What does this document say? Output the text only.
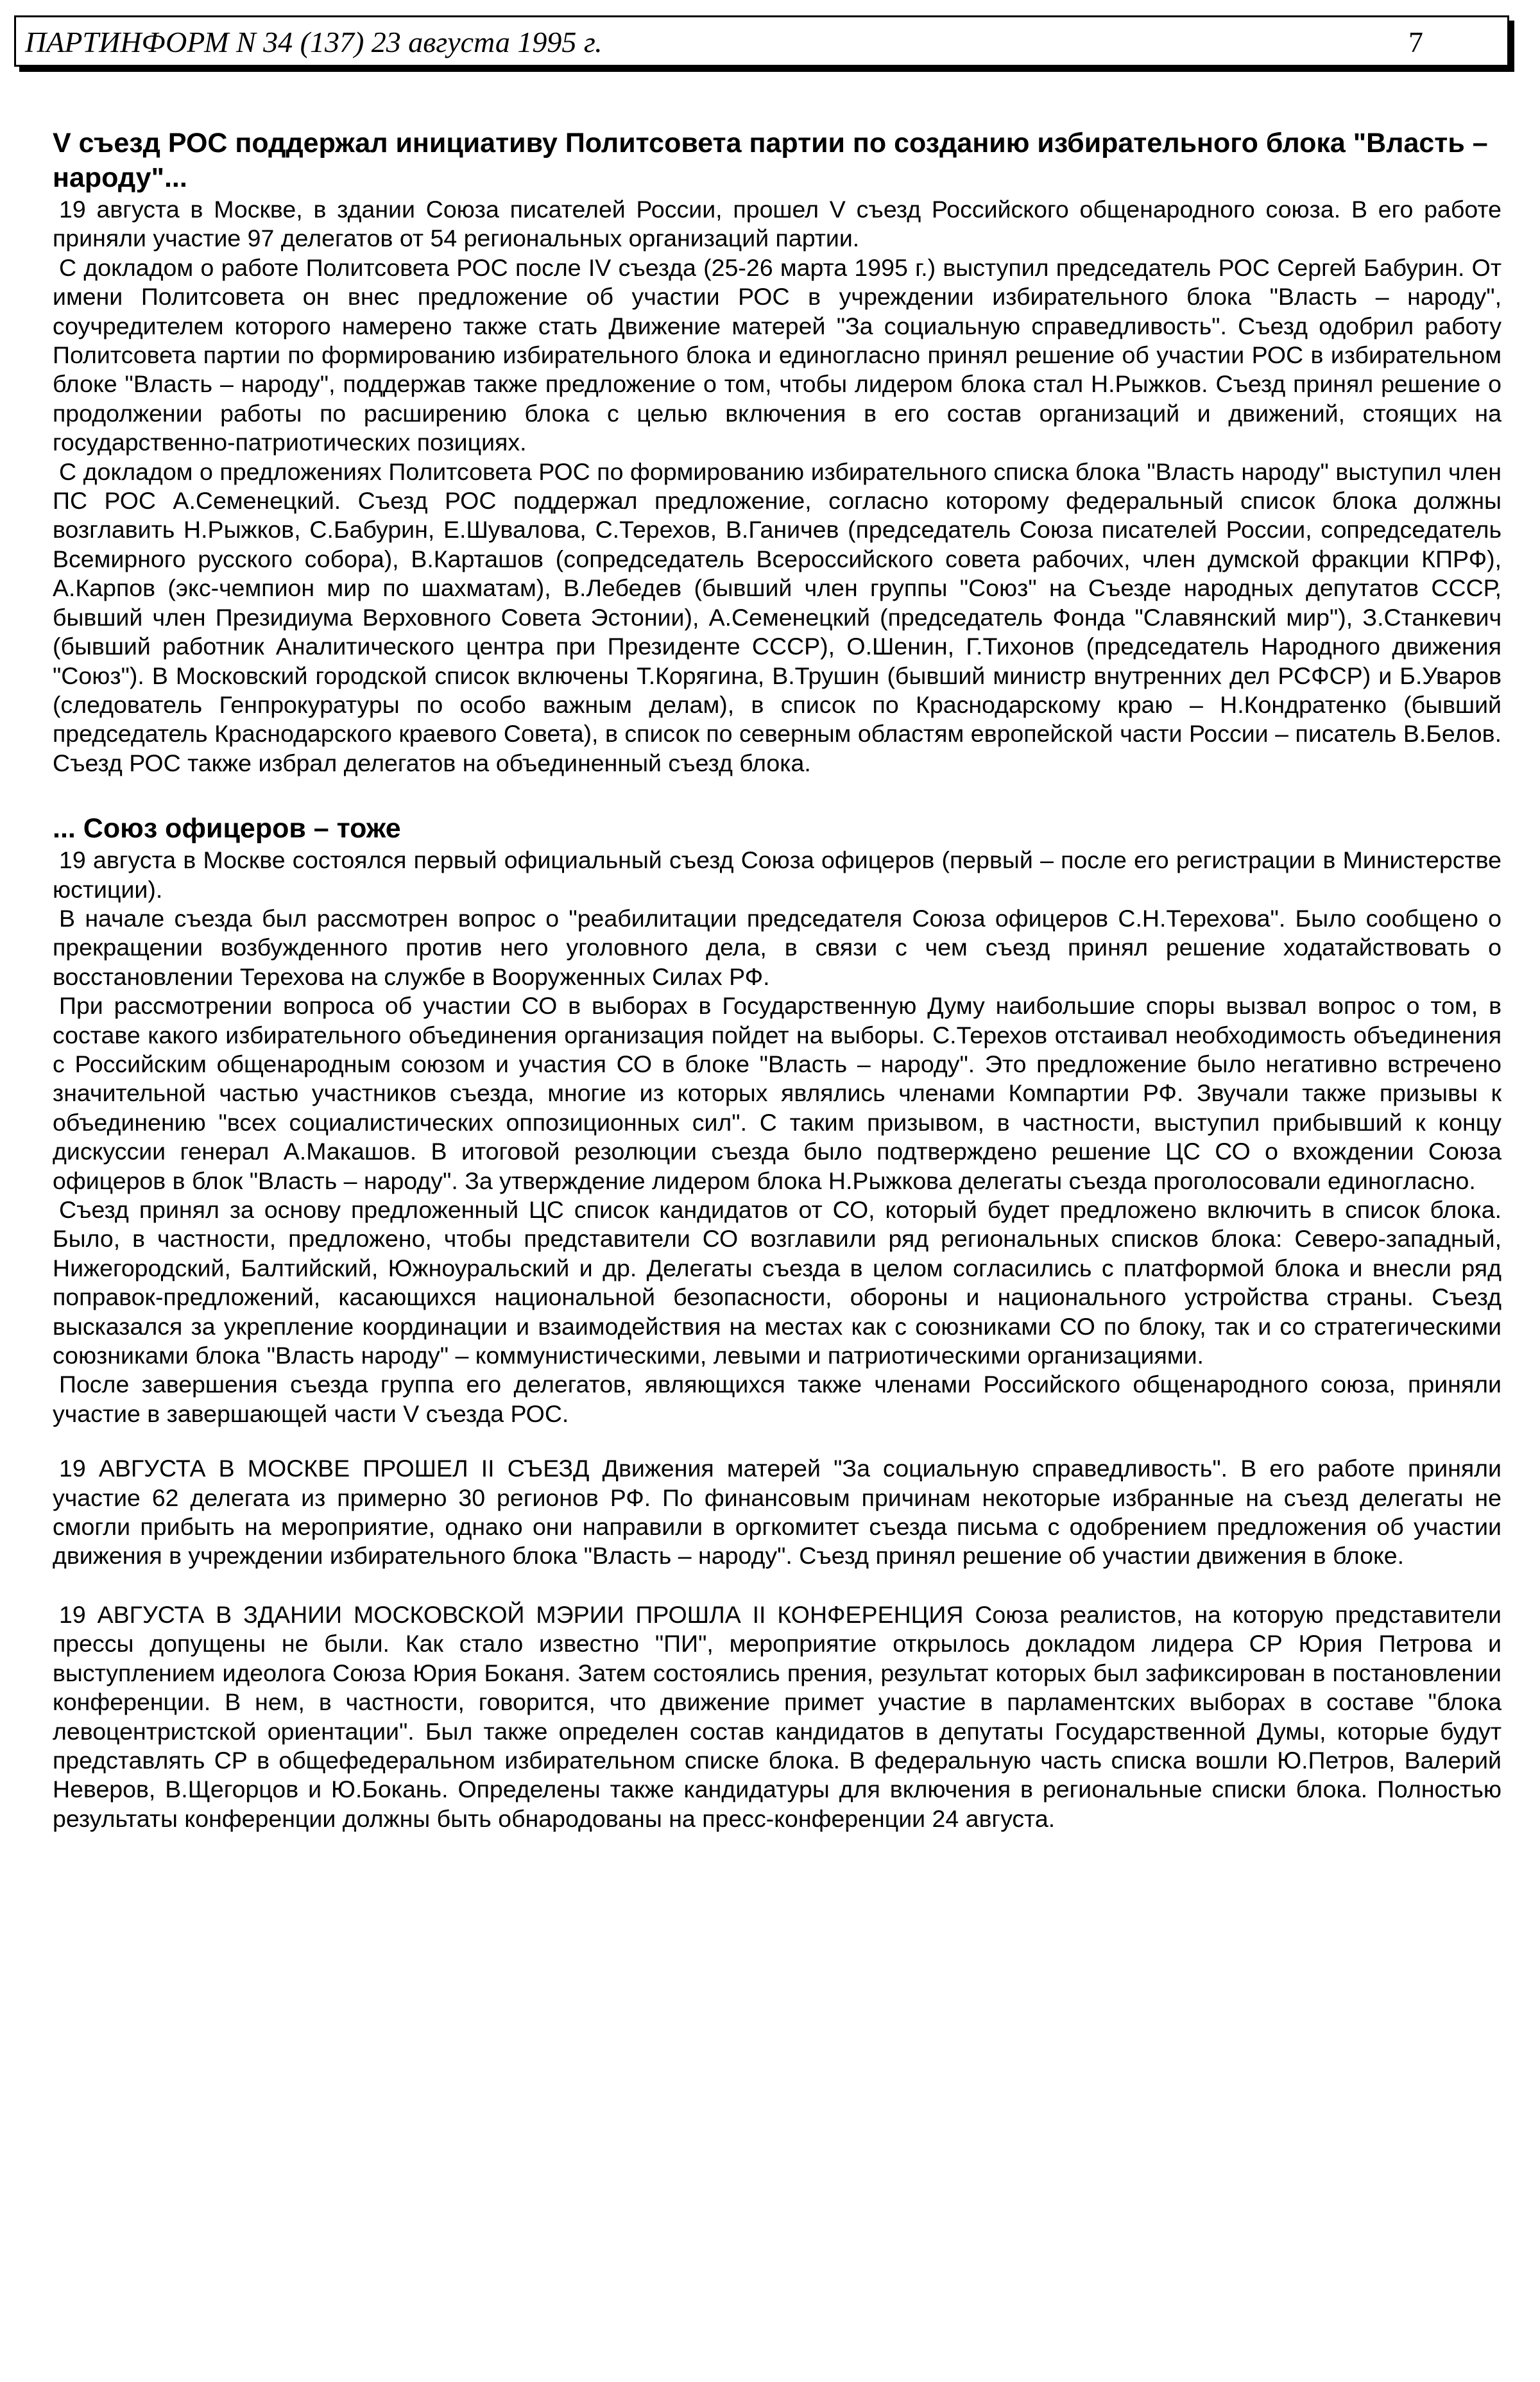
ПАРТИНФОРМ N 34 (137) 23 августа 1995 г.	7
V съезд РОС поддержал инициативу Политсовета партии по созданию избирательного блока "Власть – народу"...

19 августа в Москве, в здании Союза писателей России, прошел V съезд Российского общенародного союза. В его работе приняли участие 97 делегатов от 54 региональных организаций партии.

С докладом о работе Политсовета РОС после IV съезда (25-26 марта 1995 г.) выступил председатель РОС Сергей Бабурин. От имени Политсовета он внес предложение об участии РОС в учреждении избирательного блока "Власть – народу", соучредителем которого намерено также стать Движение матерей "За социальную справедливость". Съезд одобрил работу Политсовета партии по формированию избирательного блока и единогласно принял решение об участии РОС в избирательном блоке "Власть – народу", поддержав также предложение о том, чтобы лидером блока стал Н.Рыжков. Съезд принял решение о продолжении работы по расширению блока с целью включения в его состав организаций и движений, стоящих на государственно-патриотических позициях.

С докладом о предложениях Политсовета РОС по формированию избирательного списка блока "Власть народу" выступил член ПС РОС А.Семенецкий. Съезд РОС поддержал предложение, согласно которому федеральный список блока должны возглавить Н.Рыжков, С.Бабурин, Е.Шувалова, С.Терехов, В.Ганичев (председатель Союза писателей России, сопредседатель Всемирного русского собора), В.Карташов (сопредседатель Всероссийского совета рабочих, член думской фракции КПРФ), А.Карпов (экс-чемпион мир по шахматам), В.Лебедев (бывший член группы "Союз" на Съезде народных депутатов СССР, бывший член Президиума Верховного Совета Эстонии), А.Семенецкий (председатель Фонда "Славянский мир"), З.Станкевич (бывший работник Аналитического центра при Президенте СССР), О.Шенин, Г.Тихонов (председатель Народного движения "Союз"). В Московский городской список включены Т.Корягина, В.Трушин (бывший министр внутренних дел РСФСР) и Б.Уваров (следователь Генпрокуратуры по особо важным делам), в список по Краснодарскому краю – Н.Кондратенко (бывший председатель Краснодарского краевого Совета), в список по северным областям европейской части России – писатель В.Белов. Съезд РОС также избрал делегатов на объединенный съезд блока.

... Союз офицеров – тоже

19 августа в Москве состоялся первый официальный съезд Союза офицеров (первый – после его регистрации в Министерстве юстиции).

В начале съезда был рассмотрен вопрос о "реабилитации председателя Союза офицеров С.Н.Терехова". Было сообщено о прекращении возбужденного против него уголовного дела, в связи с чем съезд принял решение ходатайствовать о восстановлении Терехова на службе в Вооруженных Силах РФ.

При рассмотрении вопроса об участии СО в выборах в Государственную Думу наибольшие споры вызвал вопрос о том, в составе какого избирательного объединения организация пойдет на выборы. С.Терехов отстаивал необходимость объединения с Российским общенародным союзом и участия СО в блоке "Власть – народу". Это предложение было негативно встречено значительной частью участников съезда, многие из которых являлись членами Компартии РФ. Звучали также призывы к объединению "всех социалистических оппозиционных сил". С таким призывом, в частности, выступил прибывший к концу дискуссии генерал А.Макашов. В итоговой резолюции съезда было подтверждено решение ЦС СО о вхождении Союза офицеров в блок "Власть – народу". За утверждение лидером блока Н.Рыжкова делегаты съезда проголосовали единогласно.

Съезд принял за основу предложенный ЦС список кандидатов от СО, который будет предложено включить в список блока. Было, в частности, предложено, чтобы представители СО возглавили ряд региональных списков блока: Северо-западный, Нижегородский, Балтийский, Южноуральский и др. Делегаты съезда в целом согласились с платформой блока и внесли ряд поправок-предложений, касающихся национальной безопасности, обороны и национального устройства страны. Съезд высказался за укрепление координации и взаимодействия на местах как с союзниками СО по блоку, так и со стратегическими союзниками блока "Власть народу" – коммунистическими, левыми и патриотическими организациями.

После завершения съезда группа его делегатов, являющихся также членами Российского общенародного союза, приняли участие в завершающей части V съезда РОС.

19 АВГУСТА В МОСКВЕ ПРОШЕЛ II СЪЕЗД Движения матерей "За социальную справедливость". В его работе приняли участие 62 делегата из примерно 30 регионов РФ. По финансовым причинам некоторые избранные на съезд делегаты не смогли прибыть на мероприятие, однако они направили в оргкомитет съезда письма с одобрением предложения об участии движения в учреждении избирательного блока "Власть – народу". Съезд принял решение об участии движения в блоке.

19 АВГУСТА В ЗДАНИИ МОСКОВСКОЙ МЭРИИ ПРОШЛА II КОНФЕРЕНЦИЯ Союза реалистов, на которую представители прессы допущены не были. Как стало известно "ПИ", мероприятие открылось докладом лидера СР Юрия Петрова и выступлением идеолога Союза Юрия Боканя. Затем состоялись прения, результат которых был зафиксирован в постановлении конференции. В нем, в частности, говорится, что движение примет участие в парламентских выборах в составе "блока левоцентристской ориентации". Был также определен состав кандидатов в депутаты Государственной Думы, которые будут представлять СР в общефедеральном избирательном списке блока. В федеральную часть списка вошли Ю.Петров, Валерий Неверов, В.Щегорцов и Ю.Бокань. Определены также кандидатуры для включения в региональные списки блока. Полностью результаты конференции должны быть обнародованы на пресс-конференции 24 августа.
